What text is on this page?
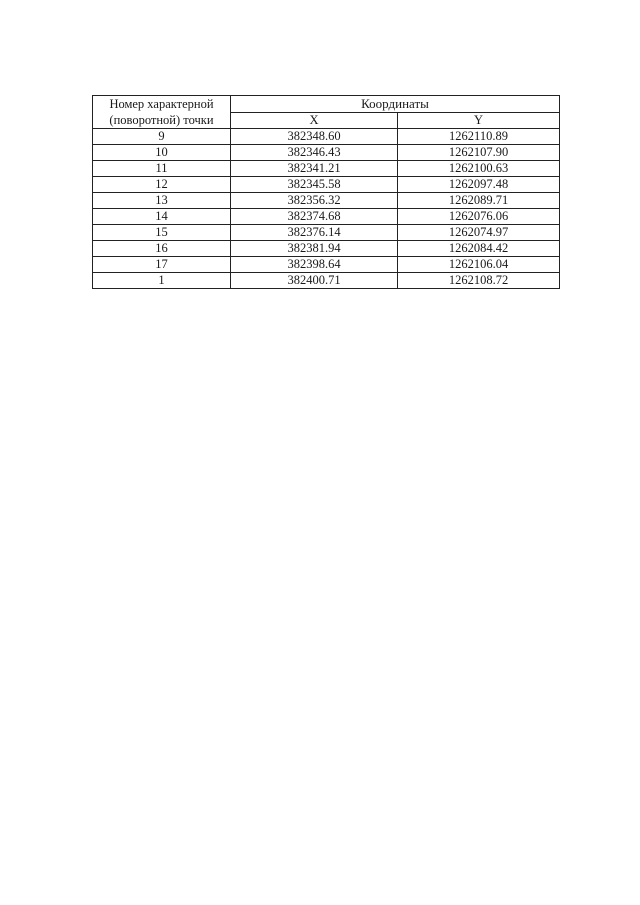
Номер характерной (поворотной) точки	Координаты	
	X	Y
9	382348.60	1262110.89
10	382346.43	1262107.90
11	382341.21	1262100.63
12	382345.58	1262097.48
13	382356.32	1262089.71
14	382374.68	1262076.06
15	382376.14	1262074.97
16	382381.94	1262084.42
17	382398.64	1262106.04
1	382400.71	1262108.72
